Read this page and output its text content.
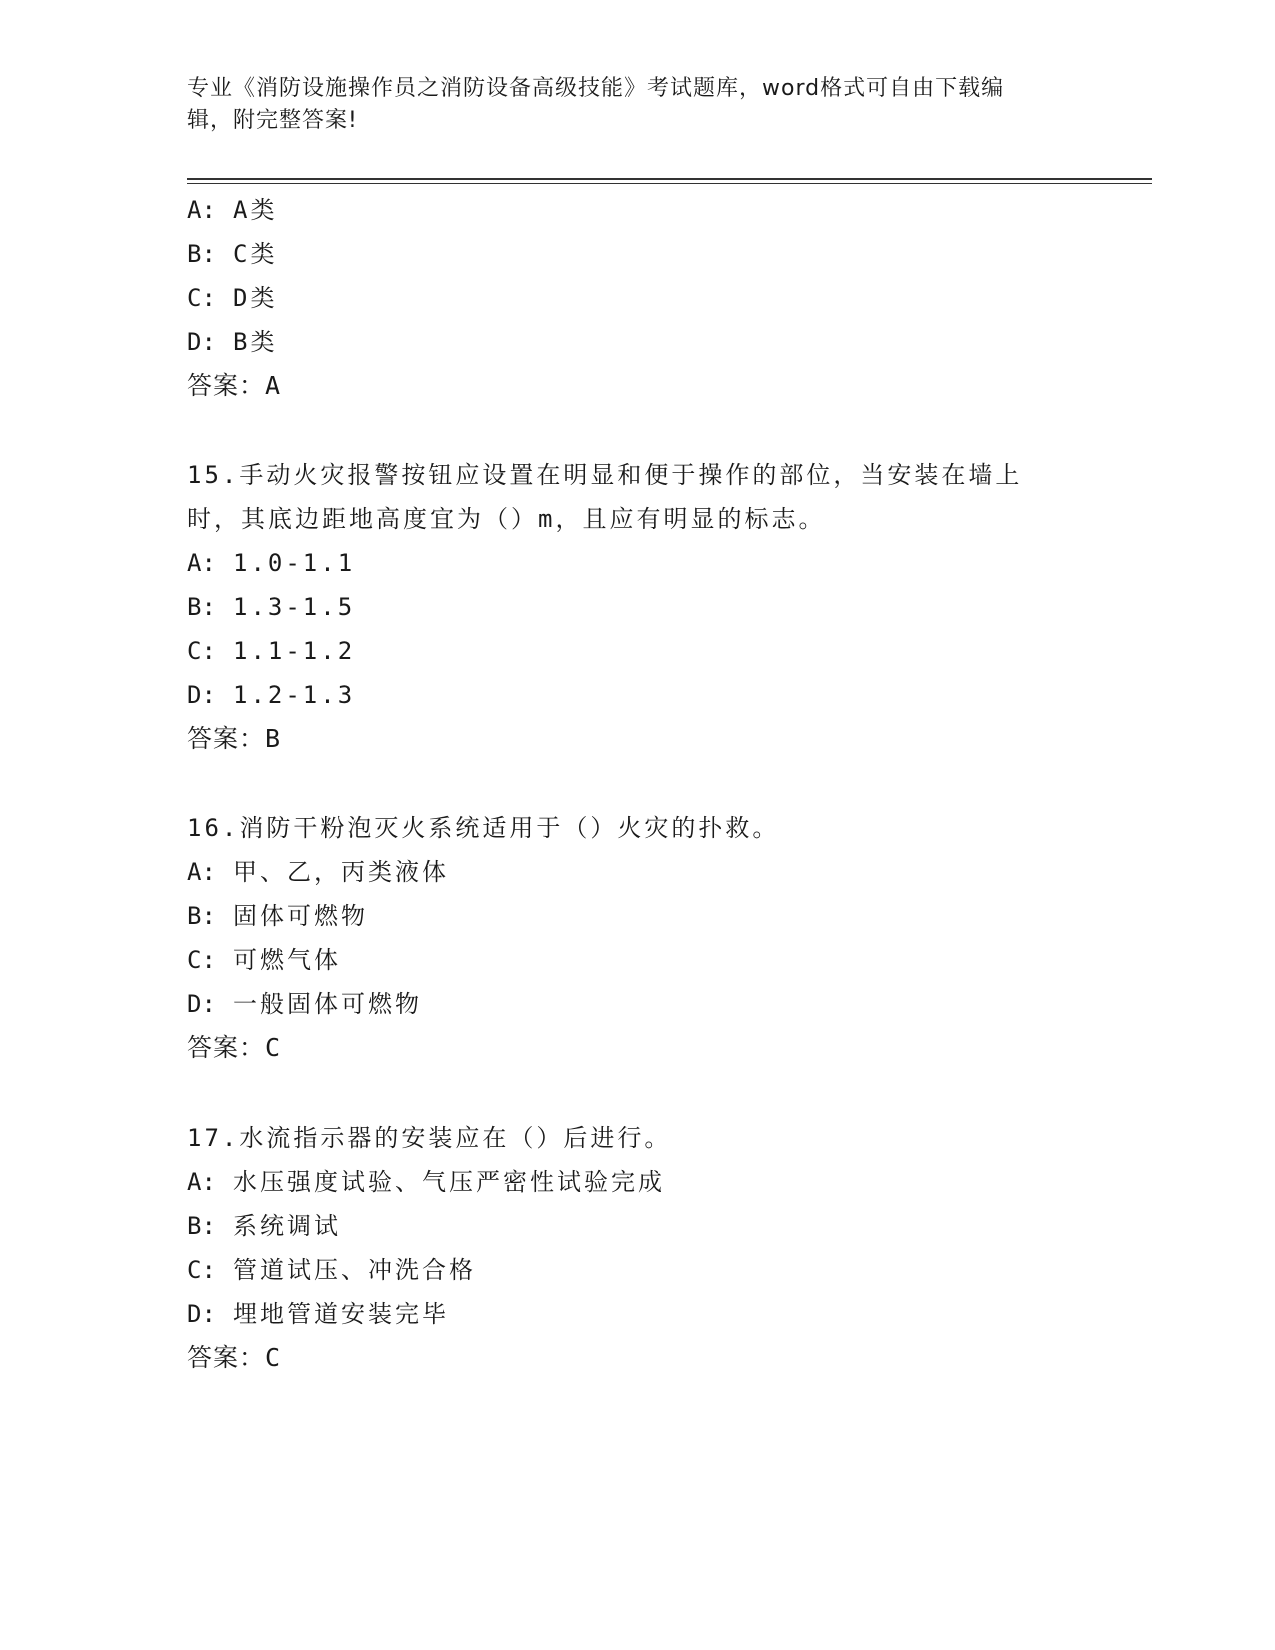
专业《消防设施操作员之消防设备高级技能》考试题库，word格式可自由下载编
辑，附完整答案!
A: A类
B: C类
C: D类
D: B类
答案：A
15.手动火灾报警按钮应设置在明显和便于操作的部位，当安装在墙上
时，其底边距地高度宜为（）m，且应有明显的标志。
A: 1.0-1.1
B: 1.3-1.5
C: 1.1-1.2
D: 1.2-1.3
答案：B
16.消防干粉泡灭火系统适用于（）火灾的扑救。
A: 甲、乙，丙类液体
B: 固体可燃物
C: 可燃气体
D: 一般固体可燃物
答案：C
17.水流指示器的安装应在（）后进行。
A: 水压强度试验、气压严密性试验完成
B: 系统调试
C: 管道试压、冲洗合格
D: 埋地管道安装完毕
答案：C
